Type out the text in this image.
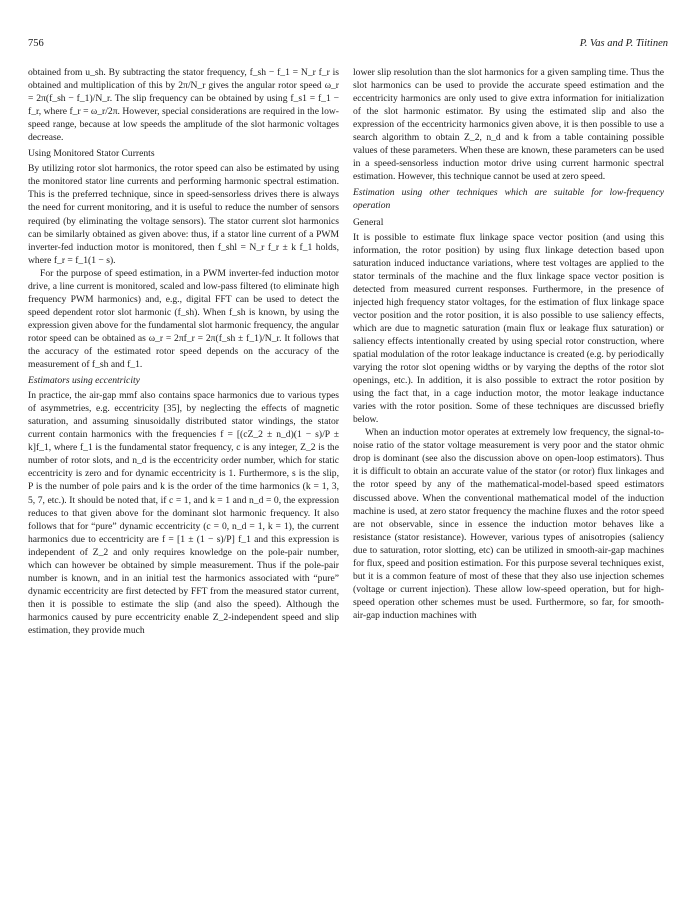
756	P. Vas and P. Tiitinen

obtained from u_sh. By subtracting the stator frequency, f_sh − f_1 = N_r f_r is obtained and multiplication of this by 2π/N_r gives the angular rotor speed ω_r = 2π(f_sh − f_1)/N_r. The slip frequency can be obtained by using f_s1 = f_1 − f_r, where f_r = ω_r/2π. However, special considerations are required in the low-speed range, because at low speeds the amplitude of the slot harmonic voltages decrease.

Using Monitored Stator Currents

By utilizing rotor slot harmonics, the rotor speed can also be estimated by using the monitored stator line currents and performing harmonic spectral estimation. This is the preferred technique, since in speed-sensorless drives there is always the need for current monitoring, and it is useful to reduce the number of sensors required (by eliminating the voltage sensors). The stator current slot harmonics can be similarly obtained as given above: thus, if a stator line current of a PWM inverter-fed induction motor is monitored, then f_shl = N_r f_r ± k f_1 holds, where f_r = f_1(1 − s).

For the purpose of speed estimation, in a PWM inverter-fed induction motor drive, a line current is monitored, scaled and low-pass filtered (to eliminate high frequency PWM harmonics) and, e.g., digital FFT can be used to detect the speed dependent rotor slot harmonic (f_sh). When f_sh is known, by using the expression given above for the fundamental slot harmonic frequency, the angular rotor speed can be obtained as ω_r = 2πf_r = 2π(f_sh ± f_1)/N_r. It follows that the accuracy of the estimated rotor speed depends on the accuracy of the measurement of f_sh and f_1.

Estimators using eccentricity

In practice, the air-gap mmf also contains space harmonics due to various types of asymmetries, e.g. eccentricity [35], by neglecting the effects of magnetic saturation, and assuming sinusoidally distributed stator windings, the stator current contain harmonics with the frequencies f = [(cZ_2 ± n_d)(1 − s)/P ± k]f_1, where f_1 is the fundamental stator frequency, c is any integer, Z_2 is the number of rotor slots, and n_d is the eccentricity order number, which for static eccentricity is zero and for dynamic eccentricity is 1. Furthermore, s is the slip, P is the number of pole pairs and k is the order of the time harmonics (k = 1, 3, 5, 7, etc.). It should be noted that, if c = 1, and k = 1 and n_d = 0, the expression reduces to that given above for the dominant slot harmonic frequency. It also follows that for “pure” dynamic eccentricity (c = 0, n_d = 1, k = 1), the current harmonics due to eccentricity are f = [1 ± (1 − s)/P] f_1 and this expression is independent of Z_2 and only requires knowledge on the pole-pair number, which can however be obtained by simple measurement. Thus if the pole-pair number is known, and in an initial test the harmonics associated with “pure” dynamic eccentricity are first detected by FFT from the measured stator current, then it is possible to estimate the slip (and also the speed). Although the harmonics caused by pure eccentricity enable Z_2-independent speed and slip estimation, they provide much

lower slip resolution than the slot harmonics for a given sampling time. Thus the slot harmonics can be used to provide the accurate speed estimation and the eccentricity harmonics are only used to give extra information for initialization of the slot harmonic estimator. By using the estimated slip and also the expression of the eccentricity harmonics given above, it is then possible to use a search algorithm to obtain Z_2, n_d and k from a table containing possible values of these parameters. When these are known, these parameters can be used in a speed-sensorless induction motor drive using current harmonic spectral estimation. However, this technique cannot be used at zero speed.

Estimation using other techniques which are suitable for low-frequency operation
General

It is possible to estimate flux linkage space vector position (and using this information, the rotor position) by using flux linkage detection based upon saturation induced inductance variations, where test voltages are applied to the stator terminals of the machine and the flux linkage space vector position is detected from measured current responses. Furthermore, in the presence of injected high frequency stator voltages, for the estimation of flux linkage space vector position and the rotor position, it is also possible to use saliency effects, which are due to magnetic saturation (main flux or leakage flux saturation) or saliency effects intentionally created by using special rotor construction, where spatial modulation of the rotor leakage inductance is created (e.g. by periodically varying the rotor slot opening widths or by varying the depths of the rotor slot openings, etc.). In addition, it is also possible to extract the rotor position by using the fact that, in a cage induction motor, the motor leakage inductance varies with the rotor position. Some of these techniques are discussed briefly below.

When an induction motor operates at extremely low frequency, the signal-to-noise ratio of the stator voltage measurement is very poor and the stator ohmic drop is dominant (see also the discussion above on open-loop estimators). Thus it is difficult to obtain an accurate value of the stator (or rotor) flux linkages and the rotor speed by any of the mathematical-model-based speed estimators discussed above. When the conventional mathematical model of the induction machine is used, at zero stator frequency the machine fluxes and the rotor speed are not observable, since in essence the induction motor behaves like a resistance (stator resistance). However, various types of anisotropies (saliency due to saturation, rotor slotting, etc) can be utilized in smooth-air-gap machines for flux, speed and position estimation. For this purpose several techniques exist, but it is a common feature of most of these that they also use injection schemes (voltage or current injection). These allow low-speed operation, but for high-speed operation other schemes must be used. Furthermore, so far, for smooth-air-gap induction machines with
